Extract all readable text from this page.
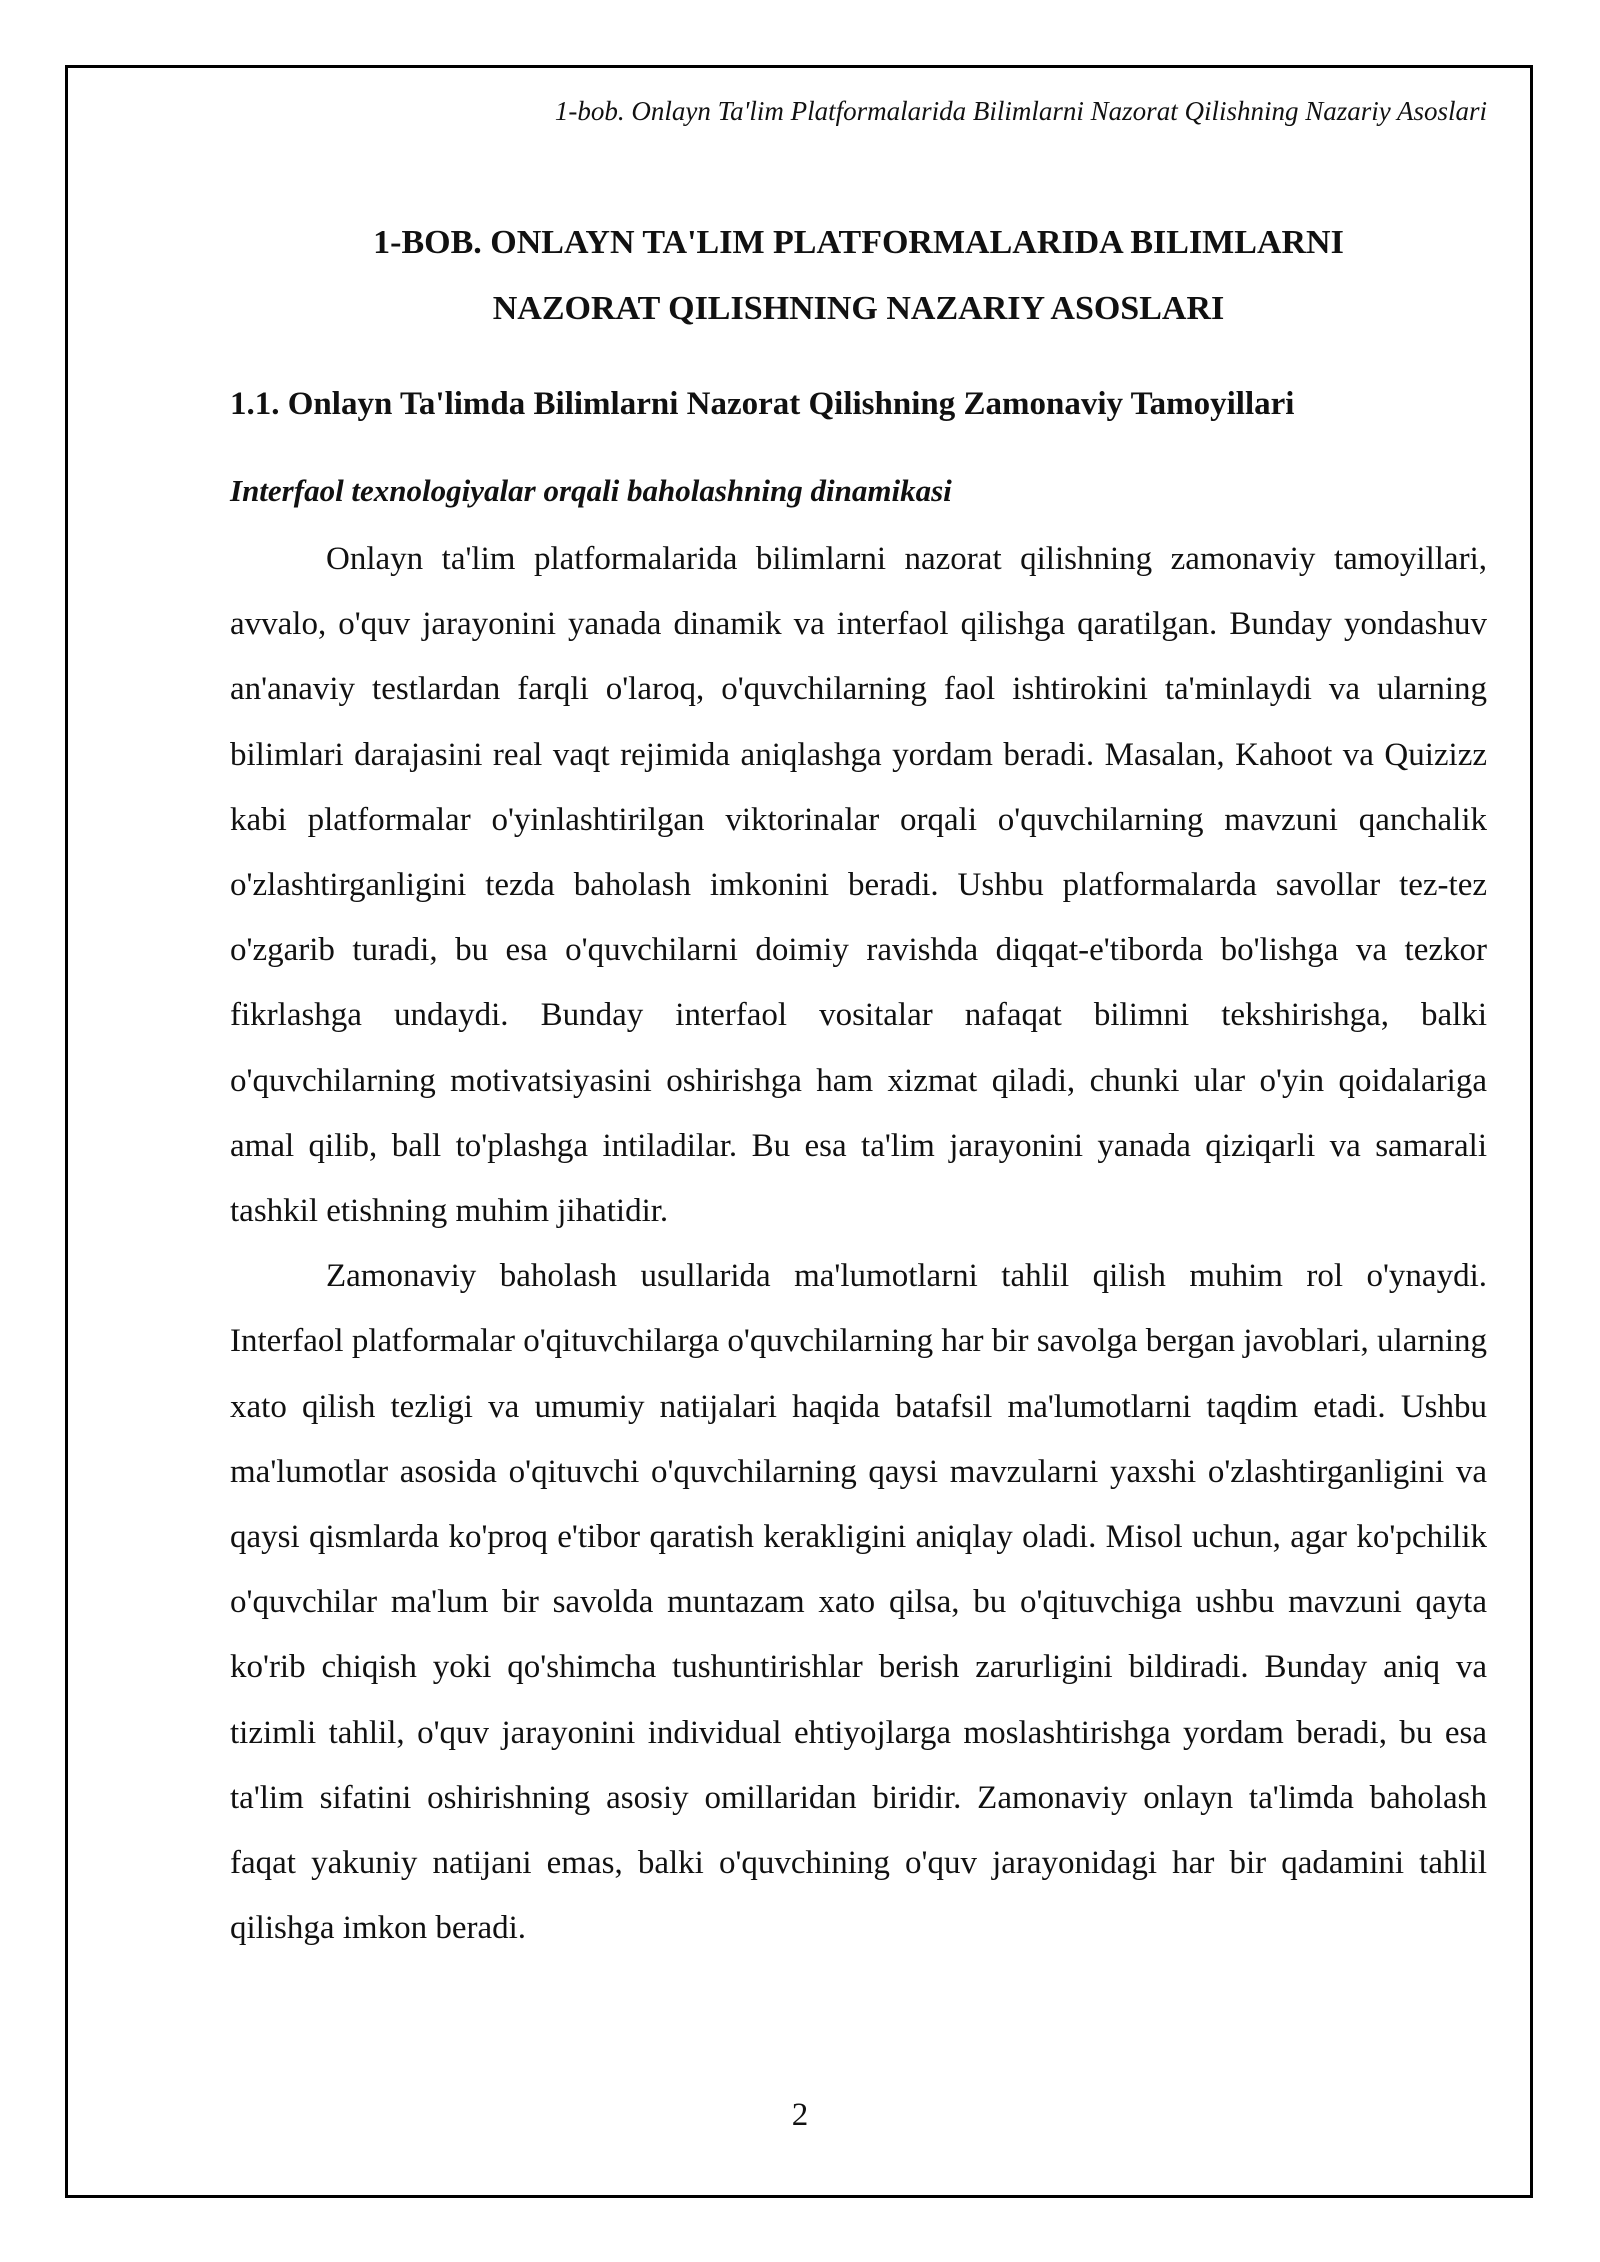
1-bob. Onlayn Ta'lim Platformalarida Bilimlarni Nazorat Qilishning Nazariy Asoslari
1-BOB. ONLAYN TA'LIM PLATFORMALARIDA BILIMLARNI
NAZORAT QILISHNING NAZARIY ASOSLARI
1.1. Onlayn Ta'limda Bilimlarni Nazorat Qilishning Zamonaviy Tamoyillari
Interfaol texnologiyalar orqali baholashning dinamikasi

Onlayn ta'lim platformalarida bilimlarni nazorat qilishning zamonaviy tamoyillari, avvalo, o'quv jarayonini yanada dinamik va interfaol qilishga qaratilgan. Bunday yondashuv an'anaviy testlardan farqli o'laroq, o'quvchilarning faol ishtirokini ta'minlaydi va ularning bilimlari darajasini real vaqt rejimida aniqlashga yordam beradi. Masalan, Kahoot va Quizizz kabi platformalar o'yinlashtirilgan viktorinalar orqali o'quvchilarning mavzuni qanchalik o'zlashtirganligini tezda baholash imkonini beradi. Ushbu platformalarda savollar tez-tez o'zgarib turadi, bu esa o'quvchilarni doimiy ravishda diqqat-e'tiborda bo'lishga va tezkor fikrlashga undaydi. Bunday interfaol vositalar nafaqat bilimni tekshirishga, balki o'quvchilarning motivatsiyasini oshirishga ham xizmat qiladi, chunki ular o'yin qoidalariga amal qilib, ball to'plashga intiladilar. Bu esa ta'lim jarayonini yanada qiziqarli va samarali tashkil etishning muhim jihatidir.

Zamonaviy baholash usullarida ma'lumotlarni tahlil qilish muhim rol o'ynaydi. Interfaol platformalar o'qituvchilarga o'quvchilarning har bir savolga bergan javoblari, ularning xato qilish tezligi va umumiy natijalari haqida batafsil ma'lumotlarni taqdim etadi. Ushbu ma'lumotlar asosida o'qituvchi o'quvchilarning qaysi mavzularni yaxshi o'zlashtirganligini va qaysi qismlarda ko'proq e'tibor qaratish kerakligini aniqlay oladi. Misol uchun, agar ko'pchilik o'quvchilar ma'lum bir savolda muntazam xato qilsa, bu o'qituvchiga ushbu mavzuni qayta ko'rib chiqish yoki qo'shimcha tushuntirishlar berish zarurligini bildiradi. Bunday aniq va tizimli tahlil, o'quv jarayonini individual ehtiyojlarga moslashtirishga yordam beradi, bu esa ta'lim sifatini oshirishning asosiy omillaridan biridir. Zamonaviy onlayn ta'limda baholash faqat yakuniy natijani emas, balki o'quvchining o'quv jarayonidagi har bir qadamini tahlil qilishga imkon beradi.

2
